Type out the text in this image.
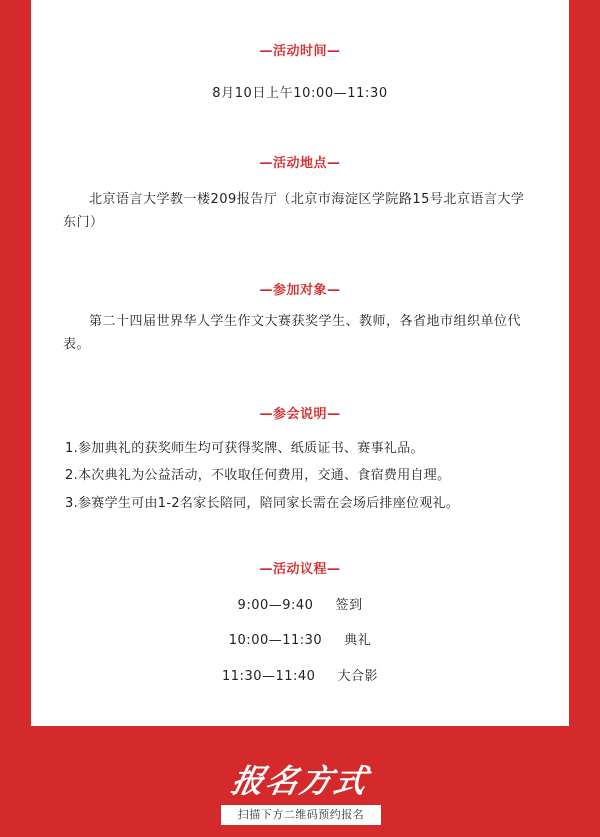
—活动时间—
8月10日上午10:00—11:30
—活动地点—

北京语言大学教一楼209报告厅（北京市海淀区学院路15号北京语言大学东门）

—参加对象—

第二十四届世界华人学生作文大赛获奖学生、教师，各省地市组织单位代表。

—参会说明—
1.参加典礼的获奖师生均可获得奖牌、纸质证书、赛事礼品。
2.本次典礼为公益活动，不收取任何费用，交通、食宿费用自理。
3.参赛学生可由1-2名家长陪同，陪同家长需在会场后排座位观礼。
—活动议程—
9:00—9:40 签到
10:00—11:30 典礼
11:30—11:40 大合影
报名方式
扫描下方二维码预约报名
